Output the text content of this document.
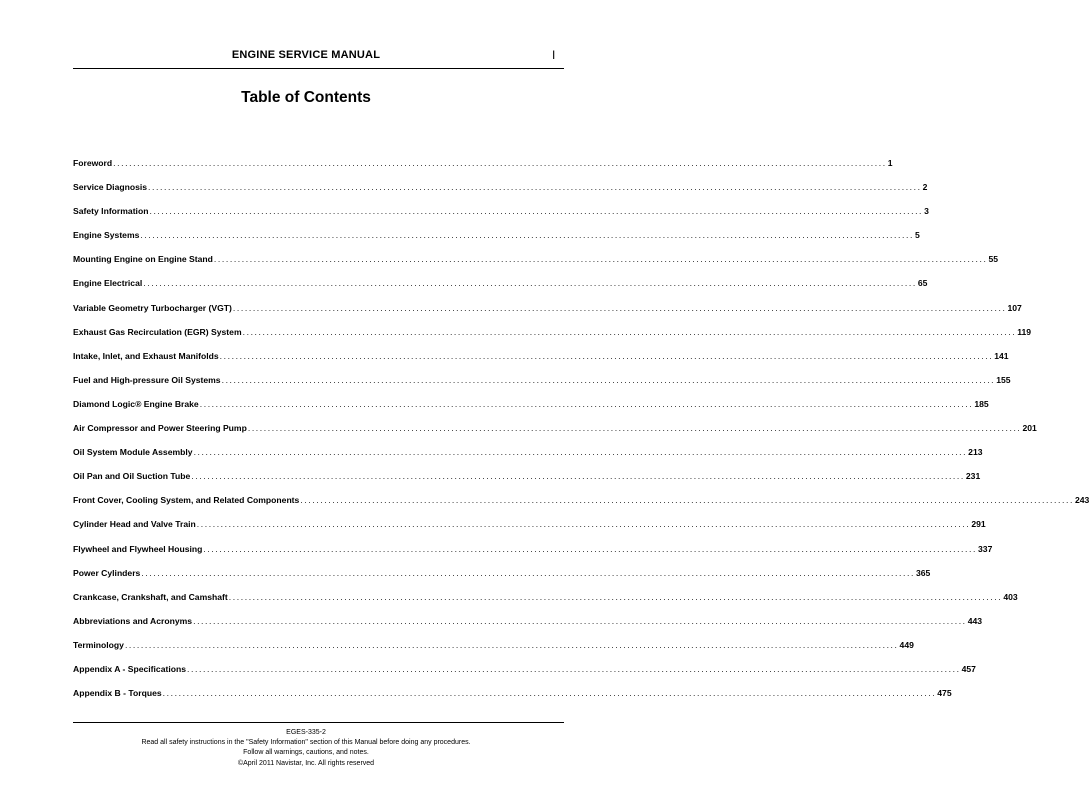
ENGINE SERVICE MANUAL	I
Table of Contents
Foreword .................................................................................................................................................................................................. 1
Service Diagnosis .................................................................................................................................................................................................. 2
Safety Information .................................................................................................................................................................................................. 3
Engine Systems .................................................................................................................................................................................................. 5
Mounting Engine on Engine Stand .................................................................................................................................................................................................. 55
Engine Electrical .................................................................................................................................................................................................. 65
Variable Geometry Turbocharger (VGT) .................................................................................................................................................................................................. 107
Exhaust Gas Recirculation (EGR) System .................................................................................................................................................................................................. 119
Intake, Inlet, and Exhaust Manifolds .................................................................................................................................................................................................. 141
Fuel and High-pressure Oil Systems .................................................................................................................................................................................................. 155
Diamond Logic® Engine Brake .................................................................................................................................................................................................. 185
Air Compressor and Power Steering Pump .................................................................................................................................................................................................. 201
Oil System Module Assembly .................................................................................................................................................................................................. 213
Oil Pan and Oil Suction Tube .................................................................................................................................................................................................. 231
Front Cover, Cooling System, and Related Components .................................................................................................................................................................................................. 243
Cylinder Head and Valve Train .................................................................................................................................................................................................. 291
Flywheel and Flywheel Housing .................................................................................................................................................................................................. 337
Power Cylinders .................................................................................................................................................................................................. 365
Crankcase, Crankshaft, and Camshaft .................................................................................................................................................................................................. 403
Abbreviations and Acronyms .................................................................................................................................................................................................. 443
Terminology .................................................................................................................................................................................................. 449
Appendix A - Specifications .................................................................................................................................................................................................. 457
Appendix B - Torques .................................................................................................................................................................................................. 475
EGES-335-2
Read all safety instructions in the "Safety Information" section of this Manual before doing any procedures.
Follow all warnings, cautions, and notes.
©April 2011 Navistar, Inc. All rights reserved
